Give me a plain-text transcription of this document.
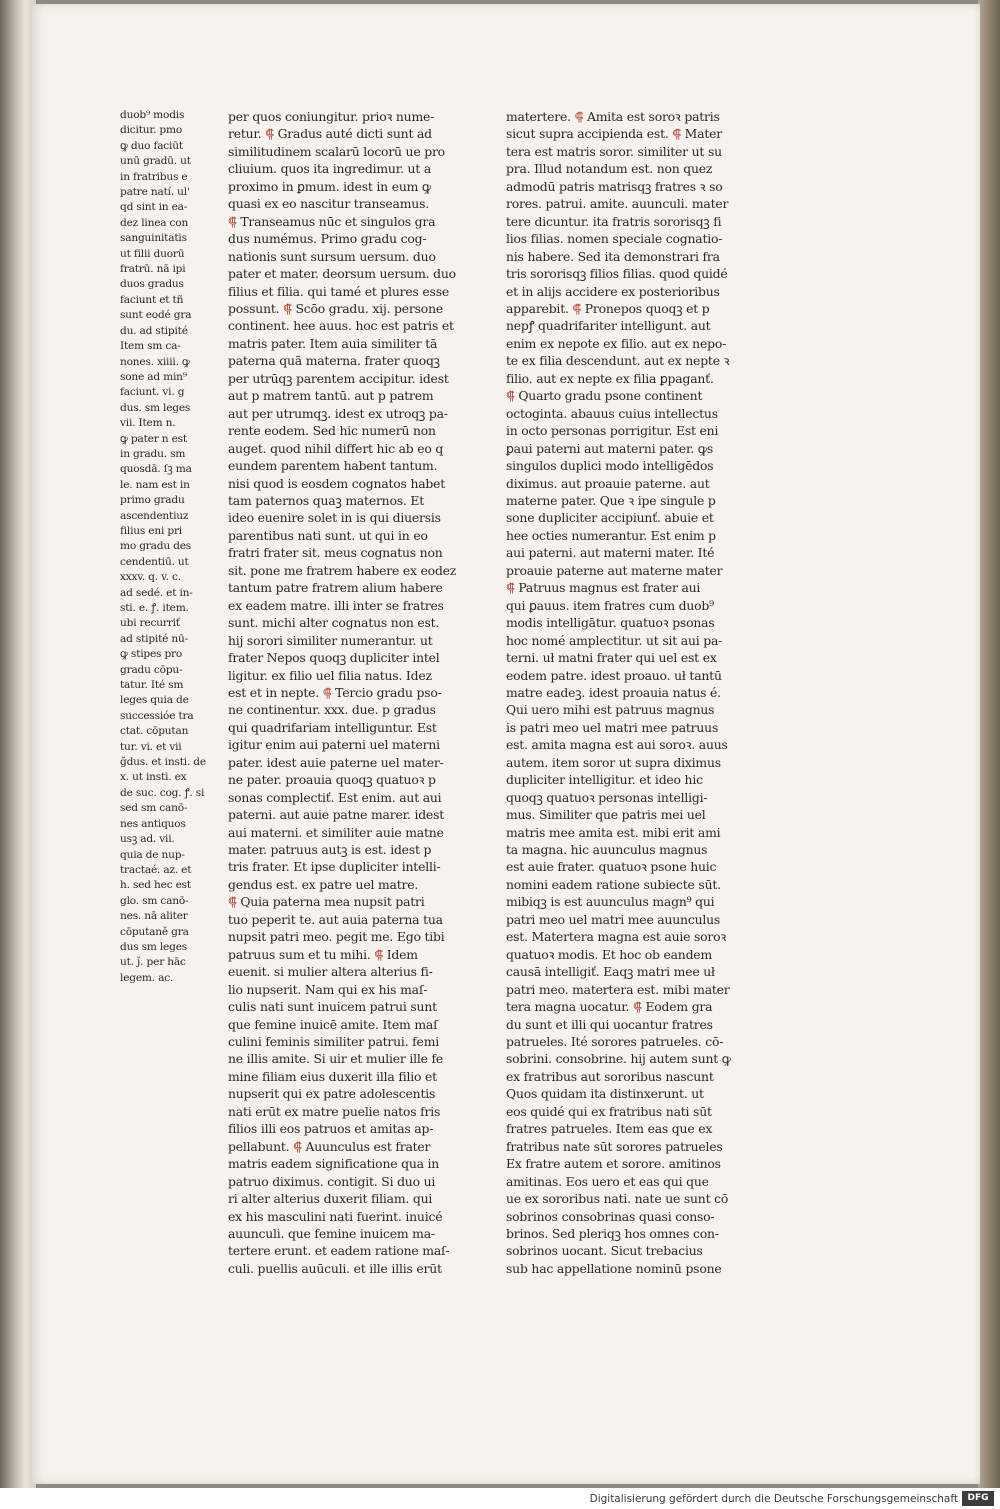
duob⁹ modis
dicitur. pmo
ꝙ duo faciūt
unū gradū. ut
in fratribus e
patre natí. ul'
qd sint in ea-
dez linea con
sanguinitatis
ut filii duorū
fratrū. nā ipi
duos gradus
faciunt et tñ
sunt eodé gra
du. ad stipité
Item sm ca-
nones. xiiii. ꝙ
sone ad min⁹
faciunt. vi. g
dus. sm leges
vii. Item n.
ꝙ pater n est
in gradu. sm
quosdā. ſꝫ ma
le. nam est in
primo gradu
ascendentiuz
filius eni pri
mo gradu des
cendentiū. ut
xxxv. q. v. c.
ad sedé. et in-
sti. e. ꝭ. item.
ubi recurriť
ad stipité nū-
ꝙ stipes pro
gradu cōpu-
tatur. Ité sm
leges quia de
successióe tra
ctat. cōputan
tur. vi. et vii
ğdus. et insti. de
x. ut insti. ex
de suc. cog. ꝭ. si
sed sm canō-
nes antiquos
usꝫ ad. vii.
quia de nup-
tractaé. az. et
h. sed hec est
glo. sm canō-
nes. nā aliter
cōputaně gra
dus sm leges
ut. ǰ. per hāc
legem. ac.
per quos coniungitur. prioꝛ nume-
retur. ⸿ Gradus auté dicti sunt ad
similitudinem scalarū locorū ue pro
cliuium. quos ita ingredimur. ut a
proximo in ꝑmum. idest in eum ꝙ
quasi ex eo nascitur transeamus.
⸿ Transeamus nūc et singulos gra
dus numémus. Primo gradu cog-
nationis sunt sursum uersum. duo
pater et mater. deorsum uersum. duo
filius et filia. qui tamé et plures esse
possunt. ⸿ Scōo gradu. xij. persone
continent. hee auus. hoc est patris et
matris pater. Item auia similiter tā
paterna quā materna. frater quoqꝫ
per utrūqꝫ parentem accipitur. idest
aut p matrem tantū. aut p patrem
aut per utrumqꝫ. idest ex utroqꝫ pa-
rente eodem. Sed hic numerū non
auget. quod nihil differt hic ab eo q
eundem parentem habent tantum.
nisi quod is eosdem cognatos habet
tam paternos quaꝫ maternos. Et
ideo euenire solet in is qui diuersis
parentibus nati sunt. ut qui in eo
fratri frater sit. meus cognatus non
sit. pone me fratrem habere ex eodez
tantum patre fratrem alium habere
ex eadem matre. illi inter se fratres
sunt. michi alter cognatus non est.
hij sorori similiter numerantur. ut
frater Nepos quoqꝫ dupliciter intel
ligitur. ex filio uel filia natus. Idez
est et in nepte. ⸿ Tercio gradu pso-
ne continentur. xxx. due. p gradus
qui quadrifariam intelliguntur. Est
igitur enim aui paterni uel materni
pater. idest auie paterne uel mater-
ne pater. proauia quoqꝫ quatuoꝛ p
sonas complectiť. Est enim. aut aui
paterni. aut auie patne marer. idest
aui materni. et similiter auie matne
mater. patruus autꝫ is est. idest p
tris frater. Et ipse dupliciter intelli-
gendus est. ex patre uel matre.
⸿ Quia paterna mea nupsit patri
tuo peperit te. aut auia paterna tua
nupsit patri meo. pegit me. Ego tibi
patruus sum et tu mihi. ⸿ Idem
euenit. si mulier altera alterius fi-
lio nupserit. Nam qui ex his maſ-
culis nati sunt inuicem patrui sunt
que femine inuicē amite. Item maſ
culini feminis similiter patrui. femi
ne illis amite. Si uir et mulier ille fe
mine filiam eius duxerit illa filio et
nupserit qui ex patre adolescentis
nati erūt ex matre puelie natos fris
filios illi eos patruos et amitas ap-
pellabunt. ⸿ Auunculus est frater
matris eadem significatione qua in
patruo diximus. contigit. Si duo ui
ri alter alterius duxerit filiam. qui
ex his masculini nati fuerint. inuicé
auunculi. que femine inuicem ma-
tertere erunt. et eadem ratione maſ-
culi. puellis auūculi. et ille illis erūt
matertere. ⸿ Amita est soroꝛ patris
sicut supra accipienda est. ⸿ Mater
tera est matris soror. similiter ut su
pra. Illud notandum est. non quez
admodū patris matrisqꝫ fratres ꝛ so
rores. patrui. amite. auunculi. mater
tere dicuntur. ita fratris sororisqꝫ fi
lios filias. nomen speciale cognatio-
nis habere. Sed ita demonstrari fra
tris sororisqꝫ filios filias. quod quidé
et in alijs accidere ex posterioribus
apparebit. ⸿ Pronepos quoqꝫ et p
nepꝭ quadrifariter intelligunt. aut
enim ex nepote ex filio. aut ex nepo-
te ex filia descendunt. aut ex nepte ꝛ
filio. aut ex nepte ex filia ꝑpaganť.
⸿ Quarto gradu psone continent
octoginta. abauus cuius intellectus
in octo personas porrigitur. Est eni
ꝑaui paterni aut materni pater. ꝙs
singulos duplici modo intelligēdos
diximus. aut proauie paterne. aut
materne pater. Que ꝛ ipe singule p
sone dupliciter accipiunť. abuie et
hee octies numerantur. Est enim p
aui paterni. aut materni mater. Ité
proauie paterne aut materne mater
⸿ Patruus magnus est frater aui
qui ꝑauus. item fratres cum duob⁹
modis intelligātur. quatuoꝛ psonas
hoc nomé amplectitur. ut sit aui pa-
terni. uł matni frater qui uel est ex
eodem patre. idest proauo. uł tantū
matre eadeꝫ. idest proauia natus é.
Qui uero mihi est patruus magnus
is patri meo uel matri mee patruus
est. amita magna est aui soroꝛ. auus
autem. item soror ut supra diximus
dupliciter intelligitur. et ideo hic
quoqꝫ quatuoꝛ personas intelligi-
mus. Similiter que patris mei uel
matris mee amita est. mibi erit ami
ta magna. hic auunculus magnus
est auie frater. quatuoꝛ psone huic
nomini eadem ratione subiecte sūt.
mibiqꝫ is est auunculus magn⁹ qui
patri meo uel matri mee auunculus
est. Matertera magna est auie soroꝛ
quatuoꝛ modis. Et hoc ob eandem
causā intelligiť. Eaqꝫ matri mee uł
patri meo. matertera est. mibi mater
tera magna uocatur. ⸿ Eodem gra
du sunt et illi qui uocantur fratres
patrueles. Ité sorores patrueles. cō-
sobrini. consobrine. hij autem sunt ꝙ
ex fratribus aut sororibus nascunt
Quos quidam ita distinxerunt. ut
eos quidé qui ex fratribus nati sūt
fratres patrueles. Item eas que ex
fratribus nate sūt sorores patrueles
Ex fratre autem et sorore. amitinos
amitinas. Eos uero et eas qui que
ue ex sororibus nati. nate ue sunt cō
sobrinos consobrinas quasi conso-
brinos. Sed pleriqꝫ hos omnes con-
sobrinos uocant. Sicut trebacius
sub hac appellatione nominū psone
Digitalisierung gefördert durch die Deutsche Forschungsgemeinschaft	DFG
